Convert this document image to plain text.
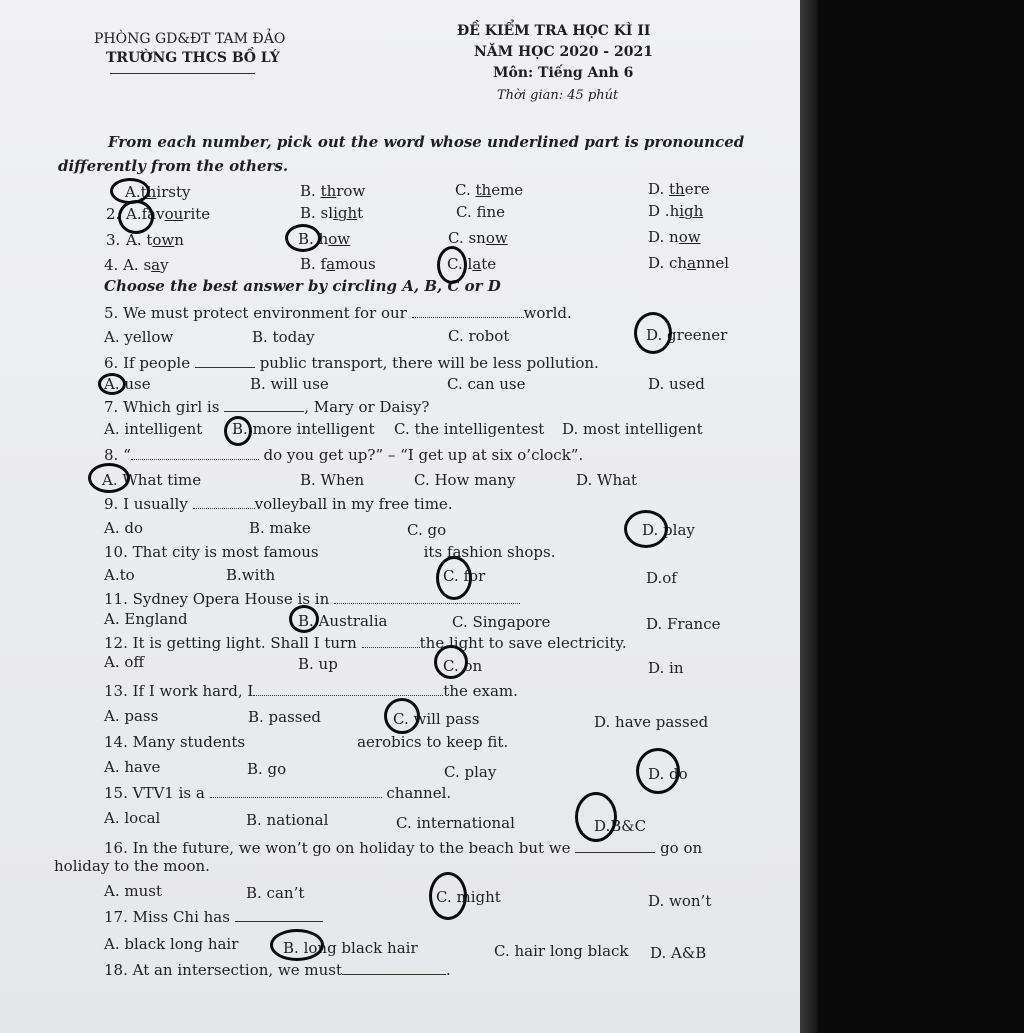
PHÒNG GD&ĐT TAM ĐẢO
TRƯỜNG THCS BỒ LÝ
ĐỀ KIỂM TRA HỌC KÌ II
NĂM HỌC 2020 - 2021
Môn: Tiếng Anh 6
Thời gian: 45 phút
From each number, pick out the word whose underlined part is pronounced
differently from the others.
A.thirsty	B. throw	C. theme	D. there
2. A.favourite	B. slight	C. fne	D .high
3. A. town	B. how	C. snow	D. now
4. A. say	B. famous	C. late	D. channel
Choose the best answer by circling A, B, C or D
5. We must protect environment for our	world.
A. yellow	B. today	C. robot	D. greener
6. If people	public transport, there will be less pollution.
A. use	B. will use	C. can use	D. used
7. Which girl is	, Mary or Daisy?
A. intelligent B. more intelligent C. the intelligentest D. most intelligent
8. “	do you get up?” – “I get up at six o’clock”.
A. What time	B. When	C. How many	D. What
9. I usually	volleyball in my free time.
A. do	B. make	C. go	D. play
10. That city is most famous	its fashion shops.
A.to	B.with	C. for	D.of
11. Sydney Opera House is in
A. England	B. Australia	C. Singapore	D. France
12. It is getting light. Shall I turn	the light to save electricity.
A. off	B. up	C. on	D. in
13. If I work hard, I	the exam.
A. pass	B. passed	C. will pass	D. have passed
14. Many students	aerobics to keep fit.
A. have	B. go	C. play	D. do
15. VTV1 is a	channel.
A. local	B. national	C. international	D.B&C
16. In the future, we won’t go on holiday to the beach but we	go on
holiday to the moon.
A. must	B. can’t	C. might	D. won’t
17. Miss Chi has
A. black long hair	B. long black hair	C. hair long black D. A&B
18. At an intersection, we must	.
